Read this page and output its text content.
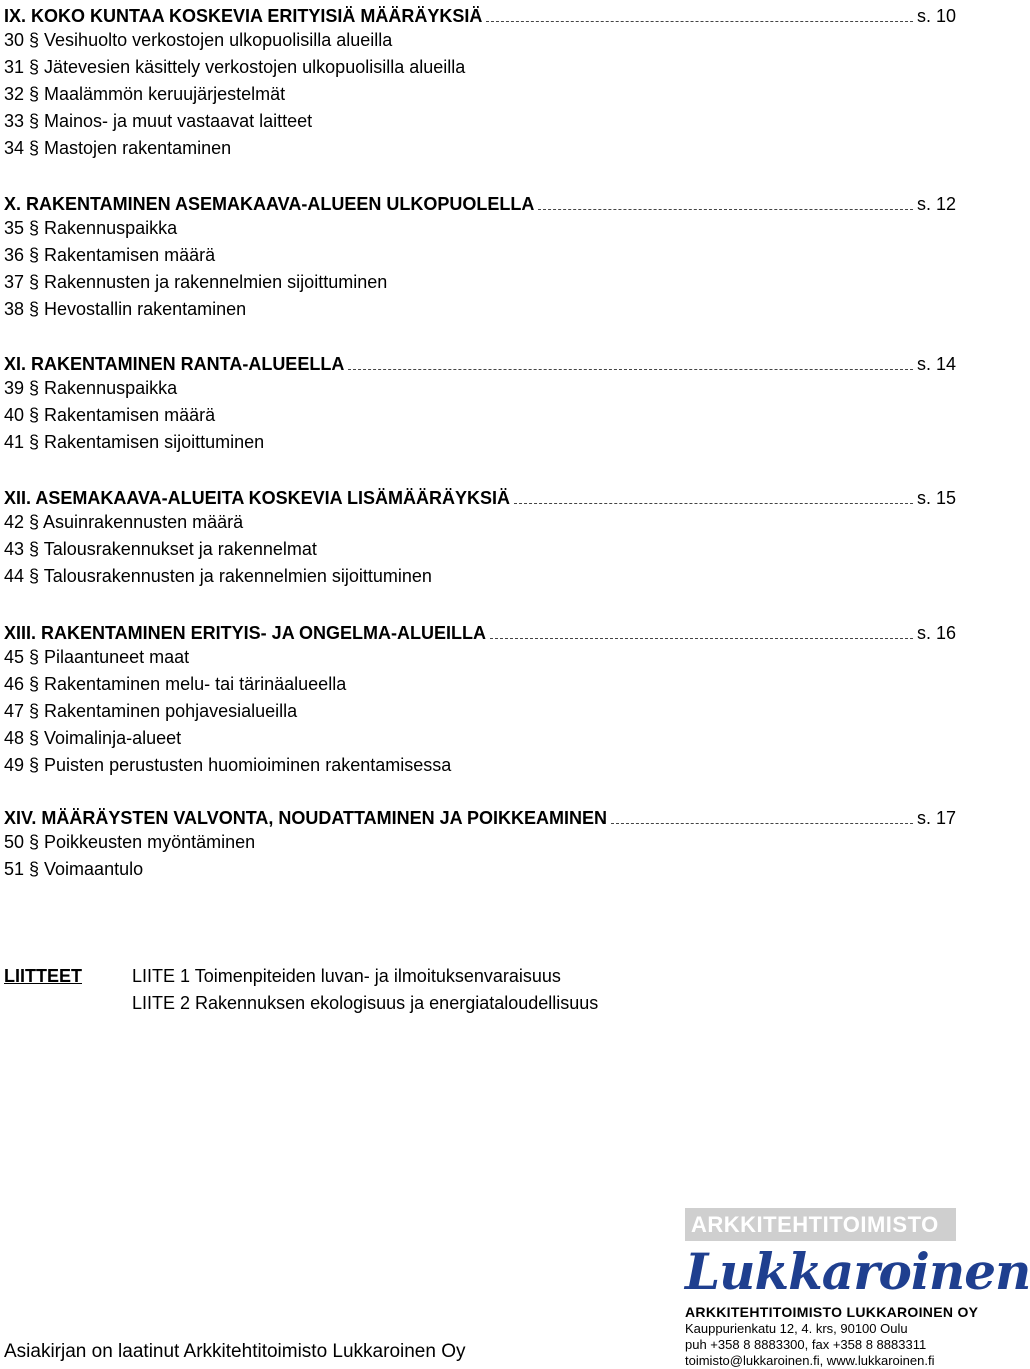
IX. KOKO KUNTAA KOSKEVIA ERITYISIÄ MÄÄRÄYKSIÄ	s. 10
30 § Vesihuolto verkostojen ulkopuolisilla alueilla
31 § Jätevesien käsittely verkostojen ulkopuolisilla alueilla
32 § Maalämmön keruujärjestelmät
33 § Mainos- ja muut vastaavat laitteet
34 § Mastojen rakentaminen
X. RAKENTAMINEN ASEMAKAAVA-ALUEEN ULKOPUOLELLA	s. 12
35 § Rakennuspaikka
36 § Rakentamisen määrä
37 § Rakennusten ja rakennelmien sijoittuminen
38 § Hevostallin rakentaminen
XI. RAKENTAMINEN RANTA-ALUEELLA	s. 14
39 § Rakennuspaikka
40 § Rakentamisen määrä
41 § Rakentamisen sijoittuminen
XII. ASEMAKAAVA-ALUEITA KOSKEVIA LISÄMÄÄRÄYKSIÄ	s. 15
42 § Asuinrakennusten määrä
43 § Talousrakennukset ja rakennelmat
44 § Talousrakennusten ja rakennelmien sijoittuminen
XIII. RAKENTAMINEN ERITYIS- JA ONGELMA-ALUEILLA	s. 16
45 § Pilaantuneet maat
46 § Rakentaminen melu- tai tärinäalueella
47 § Rakentaminen pohjavesialueilla
48 § Voimalinja-alueet
49 § Puisten perustusten huomioiminen rakentamisessa
XIV. MÄÄRÄYSTEN VALVONTA, NOUDATTAMINEN JA POIKKEAMINEN	s. 17
50 § Poikkeusten myöntäminen
51 § Voimaantulo
LIITTEET	LIITE 1 Toimenpiteiden luvan- ja ilmoituksenvaraisuus
LIITE 2 Rakennuksen ekologisuus ja energiataloudellisuus
Asiakirjan on laatinut Arkkitehtitoimisto Lukkaroinen Oy
ARKKITEHTITOIMISTO
Lukkaroinen
ARKKITEHTITOIMISTO LUKKAROINEN OY
Kauppurienkatu 12, 4. krs, 90100 Oulu
puh +358 8 8883300, fax +358 8 8883311
toimisto@lukkaroinen.fi, www.lukkaroinen.fi
